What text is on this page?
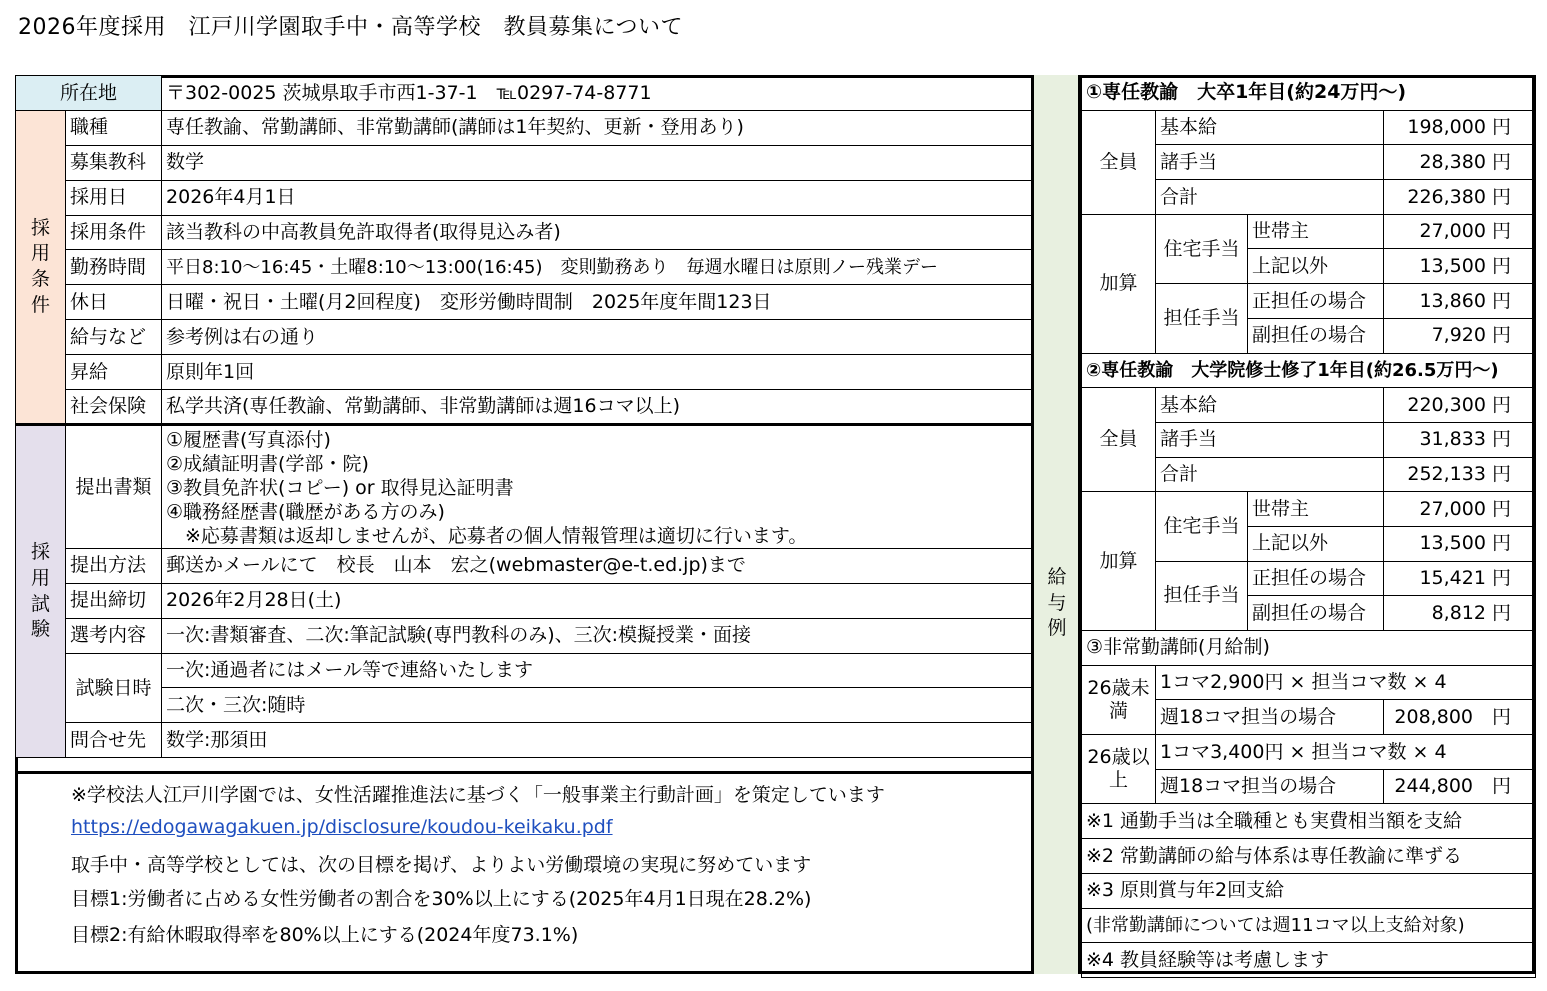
2026年度採用　江戸川学園取手中・高等学校　教員募集について
所在地		〒302-0025 茨城県取手市西1-37-1　℡0297-74-8771
採用条件	職種	専任教諭、常勤講師、非常勤講師(講師は1年契約、更新・登用あり)
	募集教科	数学
	採用日	2026年4月1日
	採用条件	該当教科の中高教員免許取得者(取得見込み者)
	勤務時間	平日8:10～16:45・土曜8:10～13:00(16:45)　変則勤務あり　毎週水曜日は原則ノー残業デー
	休日	日曜・祝日・土曜(月2回程度)　変形労働時間制　2025年度年間123日
	給与など	参考例は右の通り
	昇給	原則年1回
	社会保険	私学共済(専任教諭、常勤講師、非常勤講師は週16コマ以上)
採用試験	提出書類	①履歴書(写真添付)
②成績証明書(学部・院)
③教員免許状(コピー) or 取得見込証明書
④職務経歴書(職歴がある方のみ)
　※応募書類は返却しませんが、応募者の個人情報管理は適切に行います。

	提出方法	郵送かメールにて　校長　山本　宏之(webmaster@e-t.ed.jp)まで
	提出締切	2026年2月28日(土)
	選考内容	一次:書類審査、二次:筆記試験(専門教科のみ)、三次:模擬授業・面接
	試験日時	一次:通過者にはメール等で連絡いたします
		二次・三次:随時
	問合せ先	数学:那須田
※学校法人江戸川学園では、女性活躍推進法に基づく「一般事業主行動計画」を策定しています
https://edogawagakuen.jp/disclosure/koudou-keikaku.pdf
取手中・高等学校としては、次の目標を掲げ、よりよい労働環境の実現に努めています
目標1:労働者に占める女性労働者の割合を30%以上にする(2025年4月1日現在28.2%)
目標2:有給休暇取得率を80%以上にする(2024年度73.1%)
給与例
①専任教諭　大卒1年目(約24万円～)			
全員	基本給		198,000 円
	諸手当		28,380 円
	合計		226,380 円
加算	住宅手当	世帯主	27,000 円
		上記以外	13,500 円
	担任手当	正担任の場合	13,860 円
		副担任の場合	7,920 円
②専任教諭　大学院修士修了1年目(約26.5万円～)			
全員	基本給		220,300 円
	諸手当		31,833 円
	合計		252,133 円
加算	住宅手当	世帯主	27,000 円
		上記以外	13,500 円
	担任手当	正担任の場合	15,421 円
		副担任の場合	8,812 円
③非常勤講師(月給制)			
26歳未満	1コマ2,900円 × 担当コマ数 × 4		
	週18コマ担当の場合		208,800　円
26歳以上	1コマ3,400円 × 担当コマ数 × 4		
	週18コマ担当の場合		244,800　円
※1 通勤手当は全職種とも実費相当額を支給			
※2 常勤講師の給与体系は専任教諭に準ずる			
※3 原則賞与年2回支給			
(非常勤講師については週11コマ以上支給対象)			
※4 教員経験等は考慮します			
